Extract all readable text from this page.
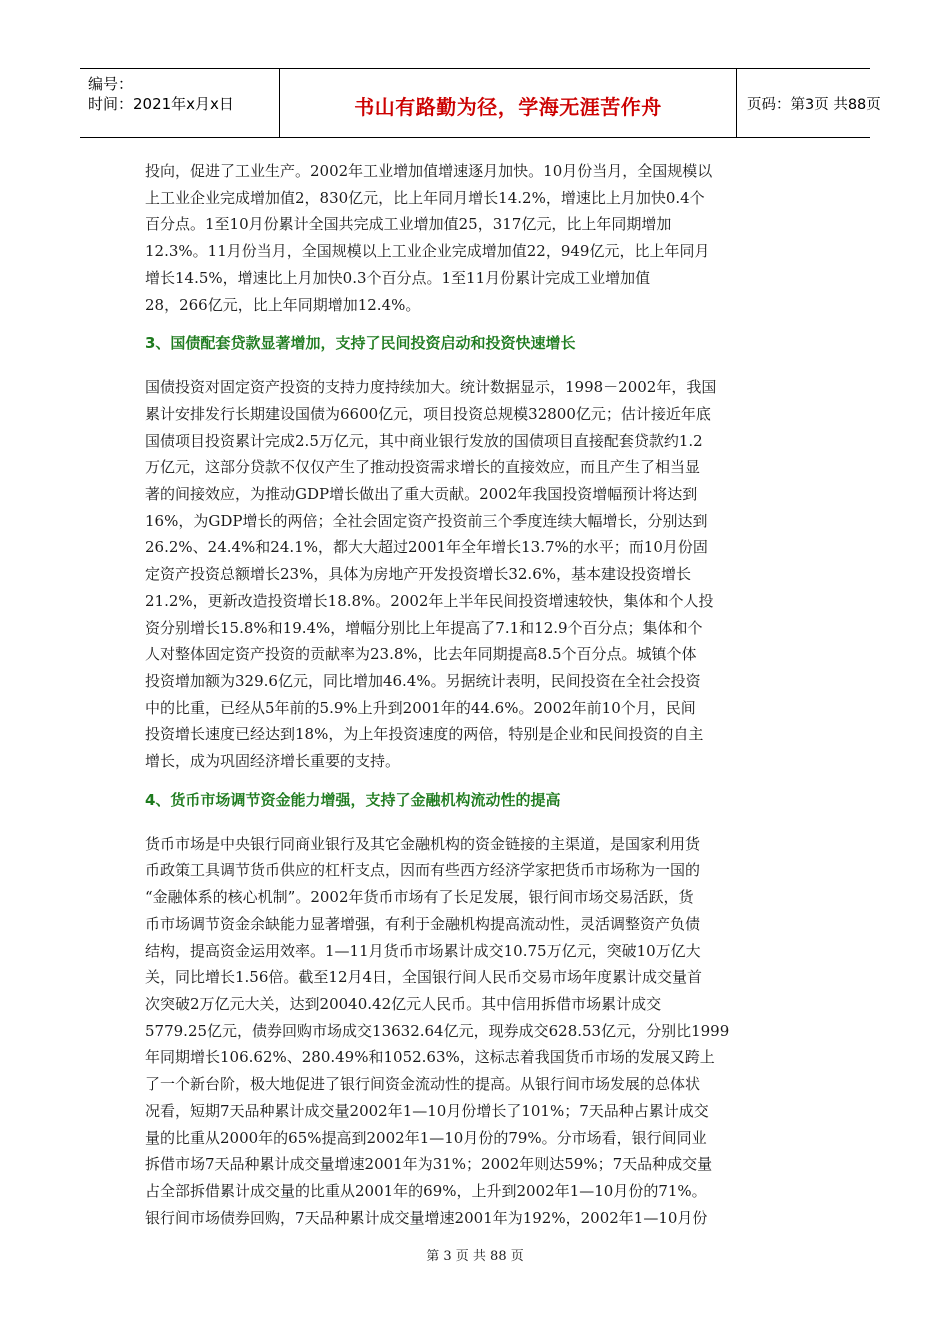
编号：
时间：2021年x月x日	书山有路勤为径，学海无涯苦作舟	页码：第3页 共88页
投向，促进了工业生产。2002年工业增加值增速逐月加快。10月份当月，全国规模以
上工业企业完成增加值2，830亿元，比上年同月增长14.2%，增速比上月加快0.4个
百分点。1至10月份累计全国共完成工业增加值25，317亿元，比上年同期增加
12.3%。11月份当月，全国规模以上工业企业完成增加值22，949亿元，比上年同月
增长14.5%，增速比上月加快0.3个百分点。1至11月份累计完成工业增加值
28，266亿元，比上年同期增加12.4%。
3、国债配套贷款显著增加，支持了民间投资启动和投资快速增长
国债投资对固定资产投资的支持力度持续加大。统计数据显示，1998－2002年，我国
累计安排发行长期建设国债为6600亿元，项目投资总规模32800亿元；估计接近年底
国债项目投资累计完成2.5万亿元，其中商业银行发放的国债项目直接配套贷款约1.2
万亿元，这部分贷款不仅仅产生了推动投资需求增长的直接效应，而且产生了相当显
著的间接效应，为推动GDP增长做出了重大贡献。2002年我国投资增幅预计将达到
16%，为GDP增长的两倍；全社会固定资产投资前三个季度连续大幅增长，分别达到
26.2%、24.4%和24.1%，都大大超过2001年全年增长13.7%的水平；而10月份固
定资产投资总额增长23%，具体为房地产开发投资增长32.6%，基本建设投资增长
21.2%，更新改造投资增长18.8%。2002年上半年民间投资增速较快，集体和个人投
资分别增长15.8%和19.4%，增幅分别比上年提高了7.1和12.9个百分点；集体和个
人对整体固定资产投资的贡献率为23.8%，比去年同期提高8.5个百分点。城镇个体
投资增加额为329.6亿元，同比增加46.4%。另据统计表明，民间投资在全社会投资
中的比重，已经从5年前的5.9%上升到2001年的44.6%。2002年前10个月，民间
投资增长速度已经达到18%，为上年投资速度的两倍，特别是企业和民间投资的自主
增长，成为巩固经济增长重要的支持。
4、货币市场调节资金能力增强，支持了金融机构流动性的提高
货币市场是中央银行同商业银行及其它金融机构的资金链接的主渠道，是国家利用货
币政策工具调节货币供应的杠杆支点，因而有些西方经济学家把货币市场称为一国的
“金融体系的核心机制”。2002年货币市场有了长足发展，银行间市场交易活跃，货
币市场调节资金余缺能力显著增强，有利于金融机构提高流动性，灵活调整资产负债
结构，提高资金运用效率。1—11月货币市场累计成交10.75万亿元，突破10万亿大
关，同比增长1.56倍。截至12月4日，全国银行间人民币交易市场年度累计成交量首
次突破2万亿元大关，达到20040.42亿元人民币。其中信用拆借市场累计成交
5779.25亿元，债券回购市场成交13632.64亿元，现券成交628.53亿元，分别比1999
年同期增长106.62%、280.49%和1052.63%，这标志着我国货币市场的发展又跨上
了一个新台阶，极大地促进了银行间资金流动性的提高。从银行间市场发展的总体状
况看，短期7天品种累计成交量2002年1—10月份增长了101%；7天品种占累计成交
量的比重从2000年的65%提高到2002年1—10月份的79%。分市场看，银行间同业
拆借市场7天品种累计成交量增速2001年为31%；2002年则达59%；7天品种成交量
占全部拆借累计成交量的比重从2001年的69%，上升到2002年1—10月份的71%。
银行间市场债券回购，7天品种累计成交量增速2001年为192%，2002年1—10月份
第 3 页 共 88 页
